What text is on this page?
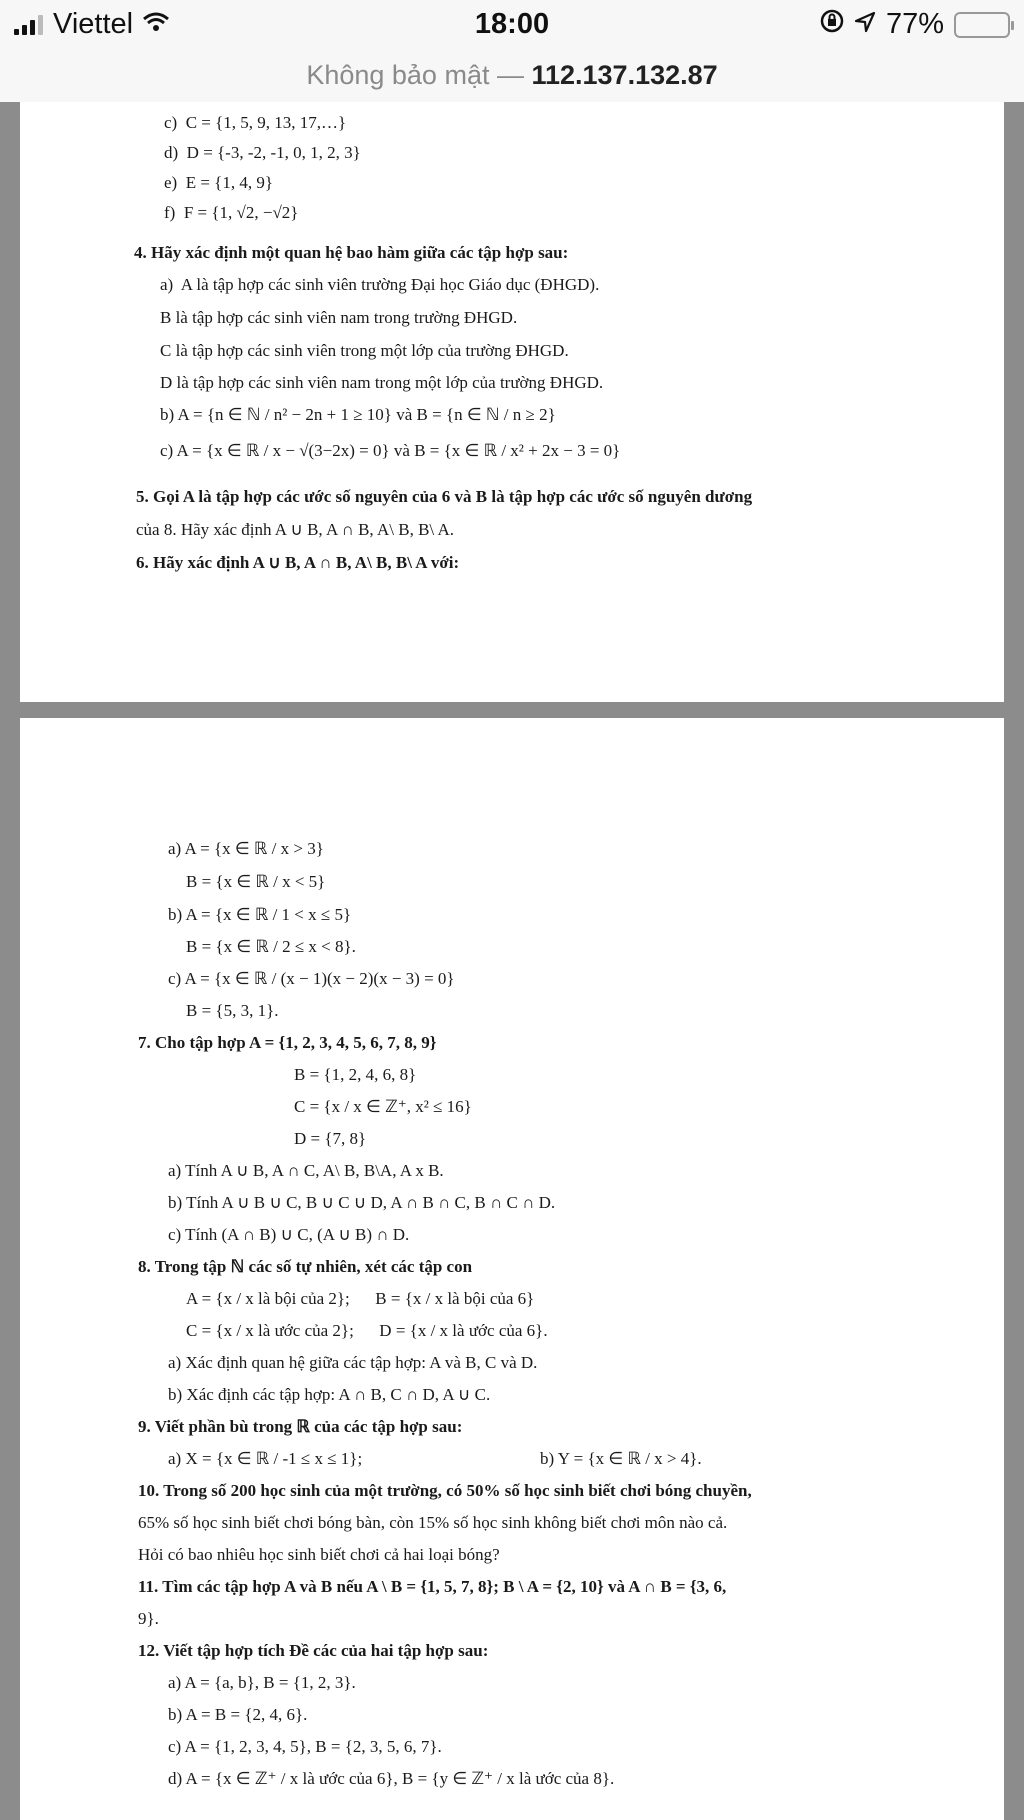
Viettel	18:00	77%
Không bảo mật — 112.137.132.87
c)  C = {1, 5, 9, 13, 17,…}
d)  D = {-3, -2, -1, 0, 1, 2, 3}
e)  E = {1, 4, 9}
f)  F = {1, √2, −√2}
4. Hãy xác định một quan hệ bao hàm giữa các tập hợp sau:
a)  A là tập hợp các sinh viên trường Đại học Giáo dục (ĐHGD).
B là tập hợp các sinh viên nam trong trường ĐHGD.
C là tập hợp các sinh viên trong một lớp của trường ĐHGD.
D là tập hợp các sinh viên nam trong một lớp của trường ĐHGD.
b) A = {n ∈ ℕ / n² − 2n + 1 ≥ 10} và B = {n ∈ ℕ / n ≥ 2}
c) A = {x ∈ ℝ / x − √(3−2x) = 0} và B = {x ∈ ℝ / x² + 2x − 3 = 0}
5. Gọi A là tập hợp các ước số nguyên của 6 và B là tập hợp các ước số nguyên dương
của 8. Hãy xác định A ∪ B, A ∩ B, A\ B, B\ A.
6. Hãy xác định A ∪ B, A ∩ B, A\ B, B\ A với:
a) A = {x ∈ ℝ / x > 3}
B = {x ∈ ℝ / x < 5}
b) A = {x ∈ ℝ / 1 < x ≤ 5}
B = {x ∈ ℝ / 2 ≤ x < 8}.
c) A = {x ∈ ℝ / (x − 1)(x − 2)(x − 3) = 0}
B = {5, 3, 1}.
7. Cho tập hợp A = {1, 2, 3, 4, 5, 6, 7, 8, 9}
B = {1, 2, 4, 6, 8}
C = {x / x ∈ ℤ⁺, x² ≤ 16}
D = {7, 8}
a) Tính A ∪ B, A ∩ C, A\ B, B\A, A x B.
b) Tính A ∪ B ∪ C, B ∪ C ∪ D, A ∩ B ∩ C, B ∩ C ∩ D.
c) Tính (A ∩ B) ∪ C, (A ∪ B) ∩ D.
8. Trong tập ℕ các số tự nhiên, xét các tập con
A = {x / x là bội của 2};      B = {x / x là bội của 6}
C = {x / x là ước của 2};      D = {x / x là ước của 6}.
a) Xác định quan hệ giữa các tập hợp: A và B, C và D.
b) Xác định các tập hợp: A ∩ B, C ∩ D, A ∪ C.
9. Viết phần bù trong ℝ của các tập hợp sau:
a) X = {x ∈ ℝ / -1 ≤ x ≤ 1};	b) Y = {x ∈ ℝ / x > 4}.
10. Trong số 200 học sinh của một trường, có 50% số học sinh biết chơi bóng chuyền,
65% số học sinh biết chơi bóng bàn, còn 15% số học sinh không biết chơi môn nào cả.
Hỏi có bao nhiêu học sinh biết chơi cả hai loại bóng?
11. Tìm các tập hợp A và B nếu A \ B = {1, 5, 7, 8}; B \ A = {2, 10} và A ∩ B = {3, 6,
9}.
12. Viết tập hợp tích Đề các của hai tập hợp sau:
a) A = {a, b}, B = {1, 2, 3}.
b) A = B = {2, 4, 6}.
c) A = {1, 2, 3, 4, 5}, B = {2, 3, 5, 6, 7}.
d) A = {x ∈ ℤ⁺ / x là ước của 6}, B = {y ∈ ℤ⁺ / x là ước của 8}.
